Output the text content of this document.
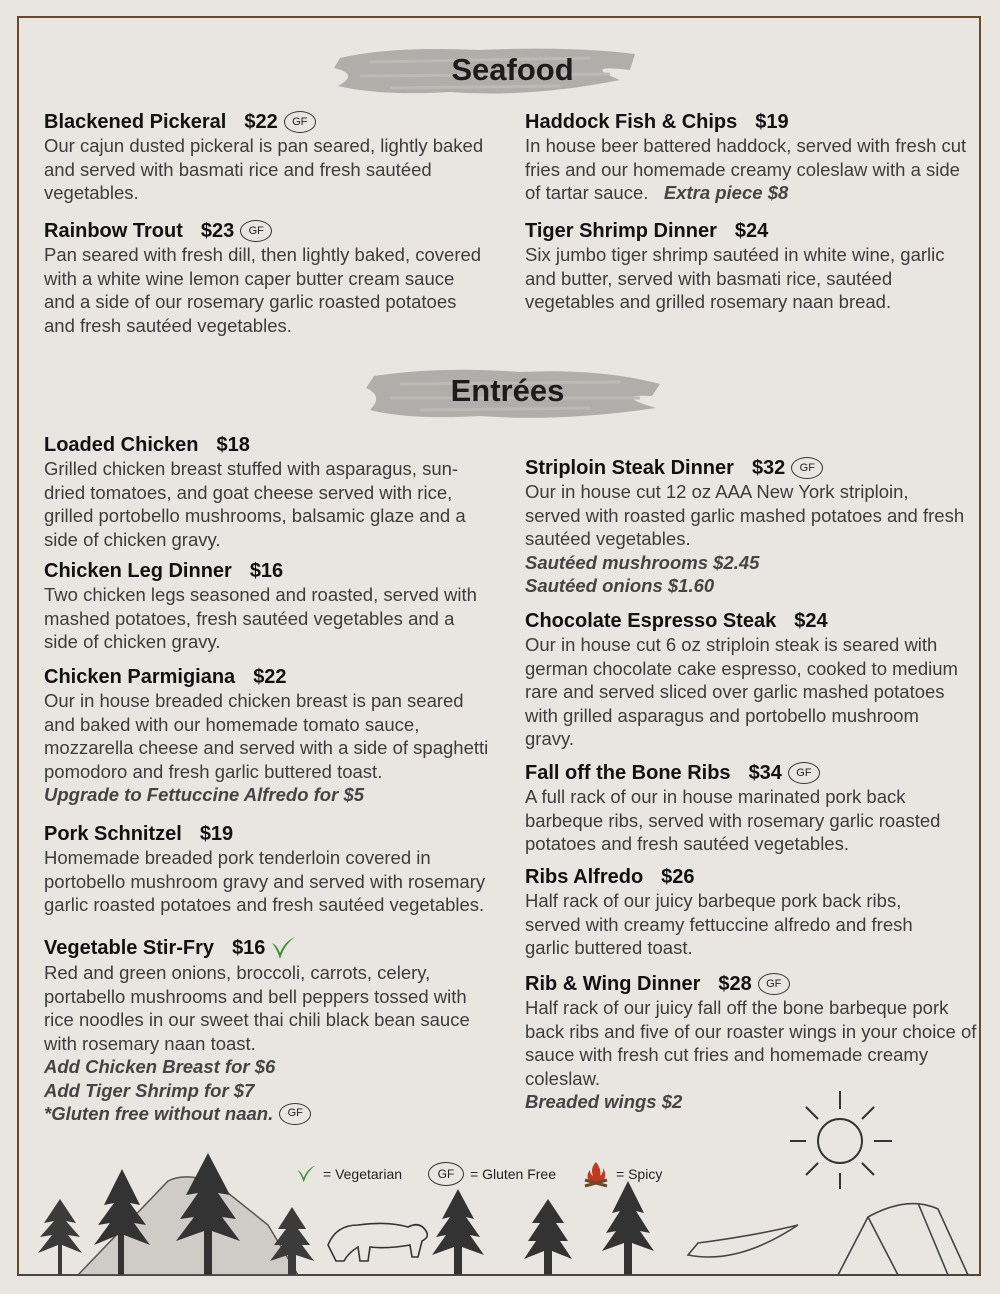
Seafood
Blackened Pickeral $22	GF
Our cajun dusted pickeral is pan seared, lightly baked and served with basmati rice and fresh sautéed vegetables.
Rainbow Trout $23	GF
Pan seared with fresh dill, then lightly baked, covered with a white wine lemon caper butter cream sauce and a side of our rosemary garlic roasted potatoes and fresh sautéed vegetables.
Haddock Fish & Chips $19
In house beer battered haddock, served with fresh cut fries and our homemade creamy coleslaw with a side of tartar sauce. Extra piece $8
Tiger Shrimp Dinner $24
Six jumbo tiger shrimp sautéed in white wine, garlic and butter, served with basmati rice, sautéed vegetables and grilled rosemary naan bread.
Entrées
Loaded Chicken $18
Grilled chicken breast stuffed with asparagus, sun-dried tomatoes, and goat cheese served with rice, grilled portobello mushrooms, balsamic glaze and a side of chicken gravy.
Chicken Leg Dinner $16
Two chicken legs seasoned and roasted, served with mashed potatoes, fresh sautéed vegetables and a side of chicken gravy.
Chicken Parmigiana $22
Our in house breaded chicken breast is pan seared and baked with our homemade tomato sauce, mozzarella cheese and served with a side of spaghetti pomodoro and fresh garlic buttered toast.
Upgrade to Fettuccine Alfredo for $5
Pork Schnitzel $19
Homemade breaded pork tenderloin covered in portobello mushroom gravy and served with rosemary garlic roasted potatoes and fresh sautéed vegetables.
Vegetable Stir-Fry $16
Red and green onions, broccoli, carrots, celery, portabello mushrooms and bell peppers tossed with rice noodles in our sweet thai chili black bean sauce with rosemary naan toast.
Add Chicken Breast for $6
Add Tiger Shrimp for $7
*Gluten free without naan.	GF
Striploin Steak Dinner $32	GF
Our in house cut 12 oz AAA New York striploin, served with roasted garlic mashed potatoes and fresh sautéed vegetables.
Sautéed mushrooms $2.45
Sautéed onions $1.60
Chocolate Espresso Steak $24
Our in house cut 6 oz striploin steak is seared with german chocolate cake espresso, cooked to medium rare and served sliced over garlic mashed potatoes with grilled asparagus and portobello mushroom gravy.
Fall off the Bone Ribs $34	GF
A full rack of our in house marinated pork back barbeque ribs, served with rosemary garlic roasted potatoes and fresh sautéed vegetables.
Ribs Alfredo $26
Half rack of our juicy barbeque pork back ribs, served with creamy fettuccine alfredo and fresh garlic buttered toast.
Rib & Wing Dinner $28	GF
Half rack of our juicy fall off the bone barbeque pork back ribs and five of our roaster wings in your choice of sauce with fresh cut fries and homemade creamy coleslaw.
Breaded wings $2
= Vegetarian	GF	= Gluten Free	= Spicy
